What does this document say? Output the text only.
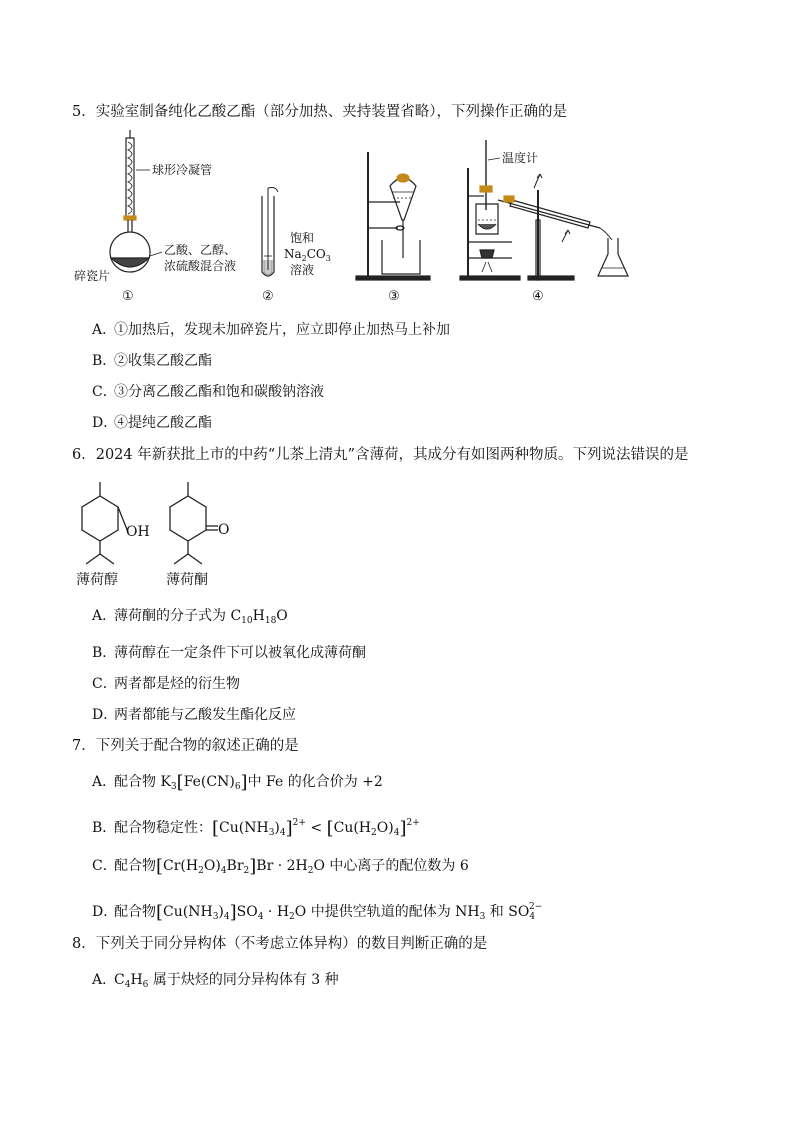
5．实验室制备纯化乙酸乙酯（部分加热、夹持装置省略），下列操作正确的是
球形冷凝管
碎瓷片
乙酸、乙醇、
浓硫酸混合液
①
饱和
$Na_2CO_3$
溶液
②	③
温度计
④
A．①加热后，发现未加碎瓷片，应立即停止加热马上补加
B．②收集乙酸乙酯
C．③分离乙酸乙酯和饱和碳酸钠溶液
D．④提纯乙酸乙酯
6．2024 年新获批上市的中药“儿茶上清丸”含薄荷，其成分有如图两种物质。下列说法错误的是
OH
薄荷醇
O
薄荷酮
A．薄荷酮的分子式为 $C_{10}H_{18}O$
B．薄荷醇在一定条件下可以被氧化成薄荷酮
C．两者都是烃的衍生物
D．两者都能与乙酸发生酯化反应
7．下列关于配合物的叙述正确的是
A．配合物 $K_3[Fe(CN)_6]$中 Fe 的化合价为 +2
B．配合物稳定性：$[Cu(NH_3)_4]^{2+} < [Cu(H_2O)_4]^{2+}$
C．配合物$[Cr(H_2O)_4Br_2]Br \cdot 2H_2O$ 中心离子的配位数为 6
D．配合物$[Cu(NH_3)_4]SO_4 \cdot H_2O$ 中提供空轨道的配体为 $NH_3$ 和 $SO_4^{2-}$
8．下列关于同分异构体（不考虑立体异构）的数目判断正确的是
A．$C_4H_6$ 属于炔烃的同分异构体有 3 种
